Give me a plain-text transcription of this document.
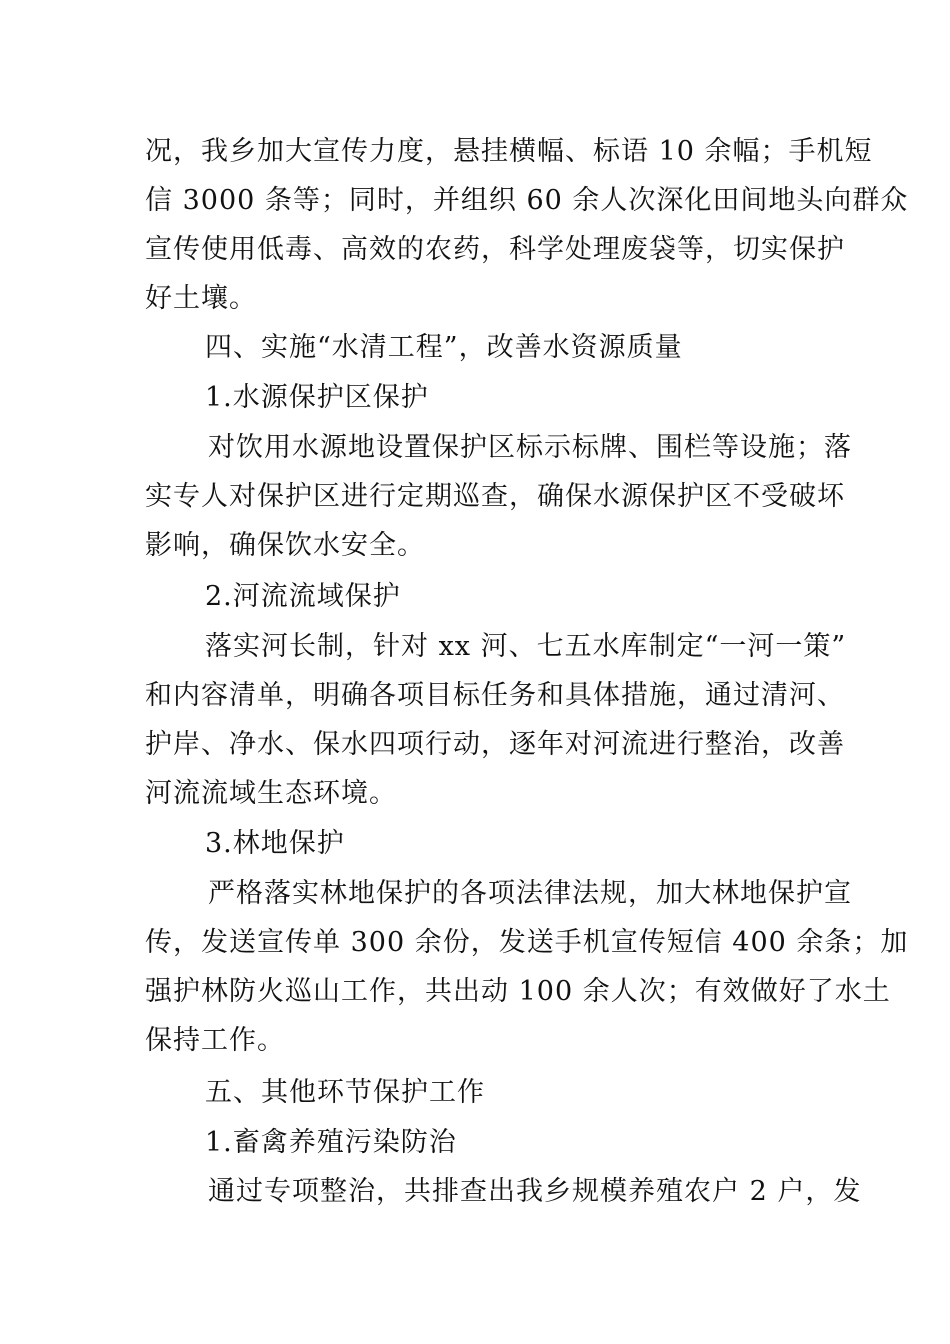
况，我乡加大宣传力度，悬挂横幅、标语 10 余幅；手机短
信 3000 条等；同时，并组织 60 余人次深化田间地头向群众
宣传使用低毒、高效的农药，科学处理废袋等，切实保护
好土壤。
四、实施“水清工程”，改善水资源质量
1.水源保护区保护
对饮用水源地设置保护区标示标牌、围栏等设施；落
实专人对保护区进行定期巡查，确保水源保护区不受破坏
影响，确保饮水安全。
2.河流流域保护
落实河长制，针对 xx 河、七五水库制定“一河一策”
和内容清单，明确各项目标任务和具体措施，通过清河、
护岸、净水、保水四项行动，逐年对河流进行整治，改善
河流流域生态环境。
3.林地保护
严格落实林地保护的各项法律法规，加大林地保护宣
传，发送宣传单 300 余份，发送手机宣传短信 400 余条；加
强护林防火巡山工作，共出动 100 余人次；有效做好了水土
保持工作。
五、其他环节保护工作
1.畜禽养殖污染防治
通过专项整治，共排查出我乡规模养殖农户 2 户，发
